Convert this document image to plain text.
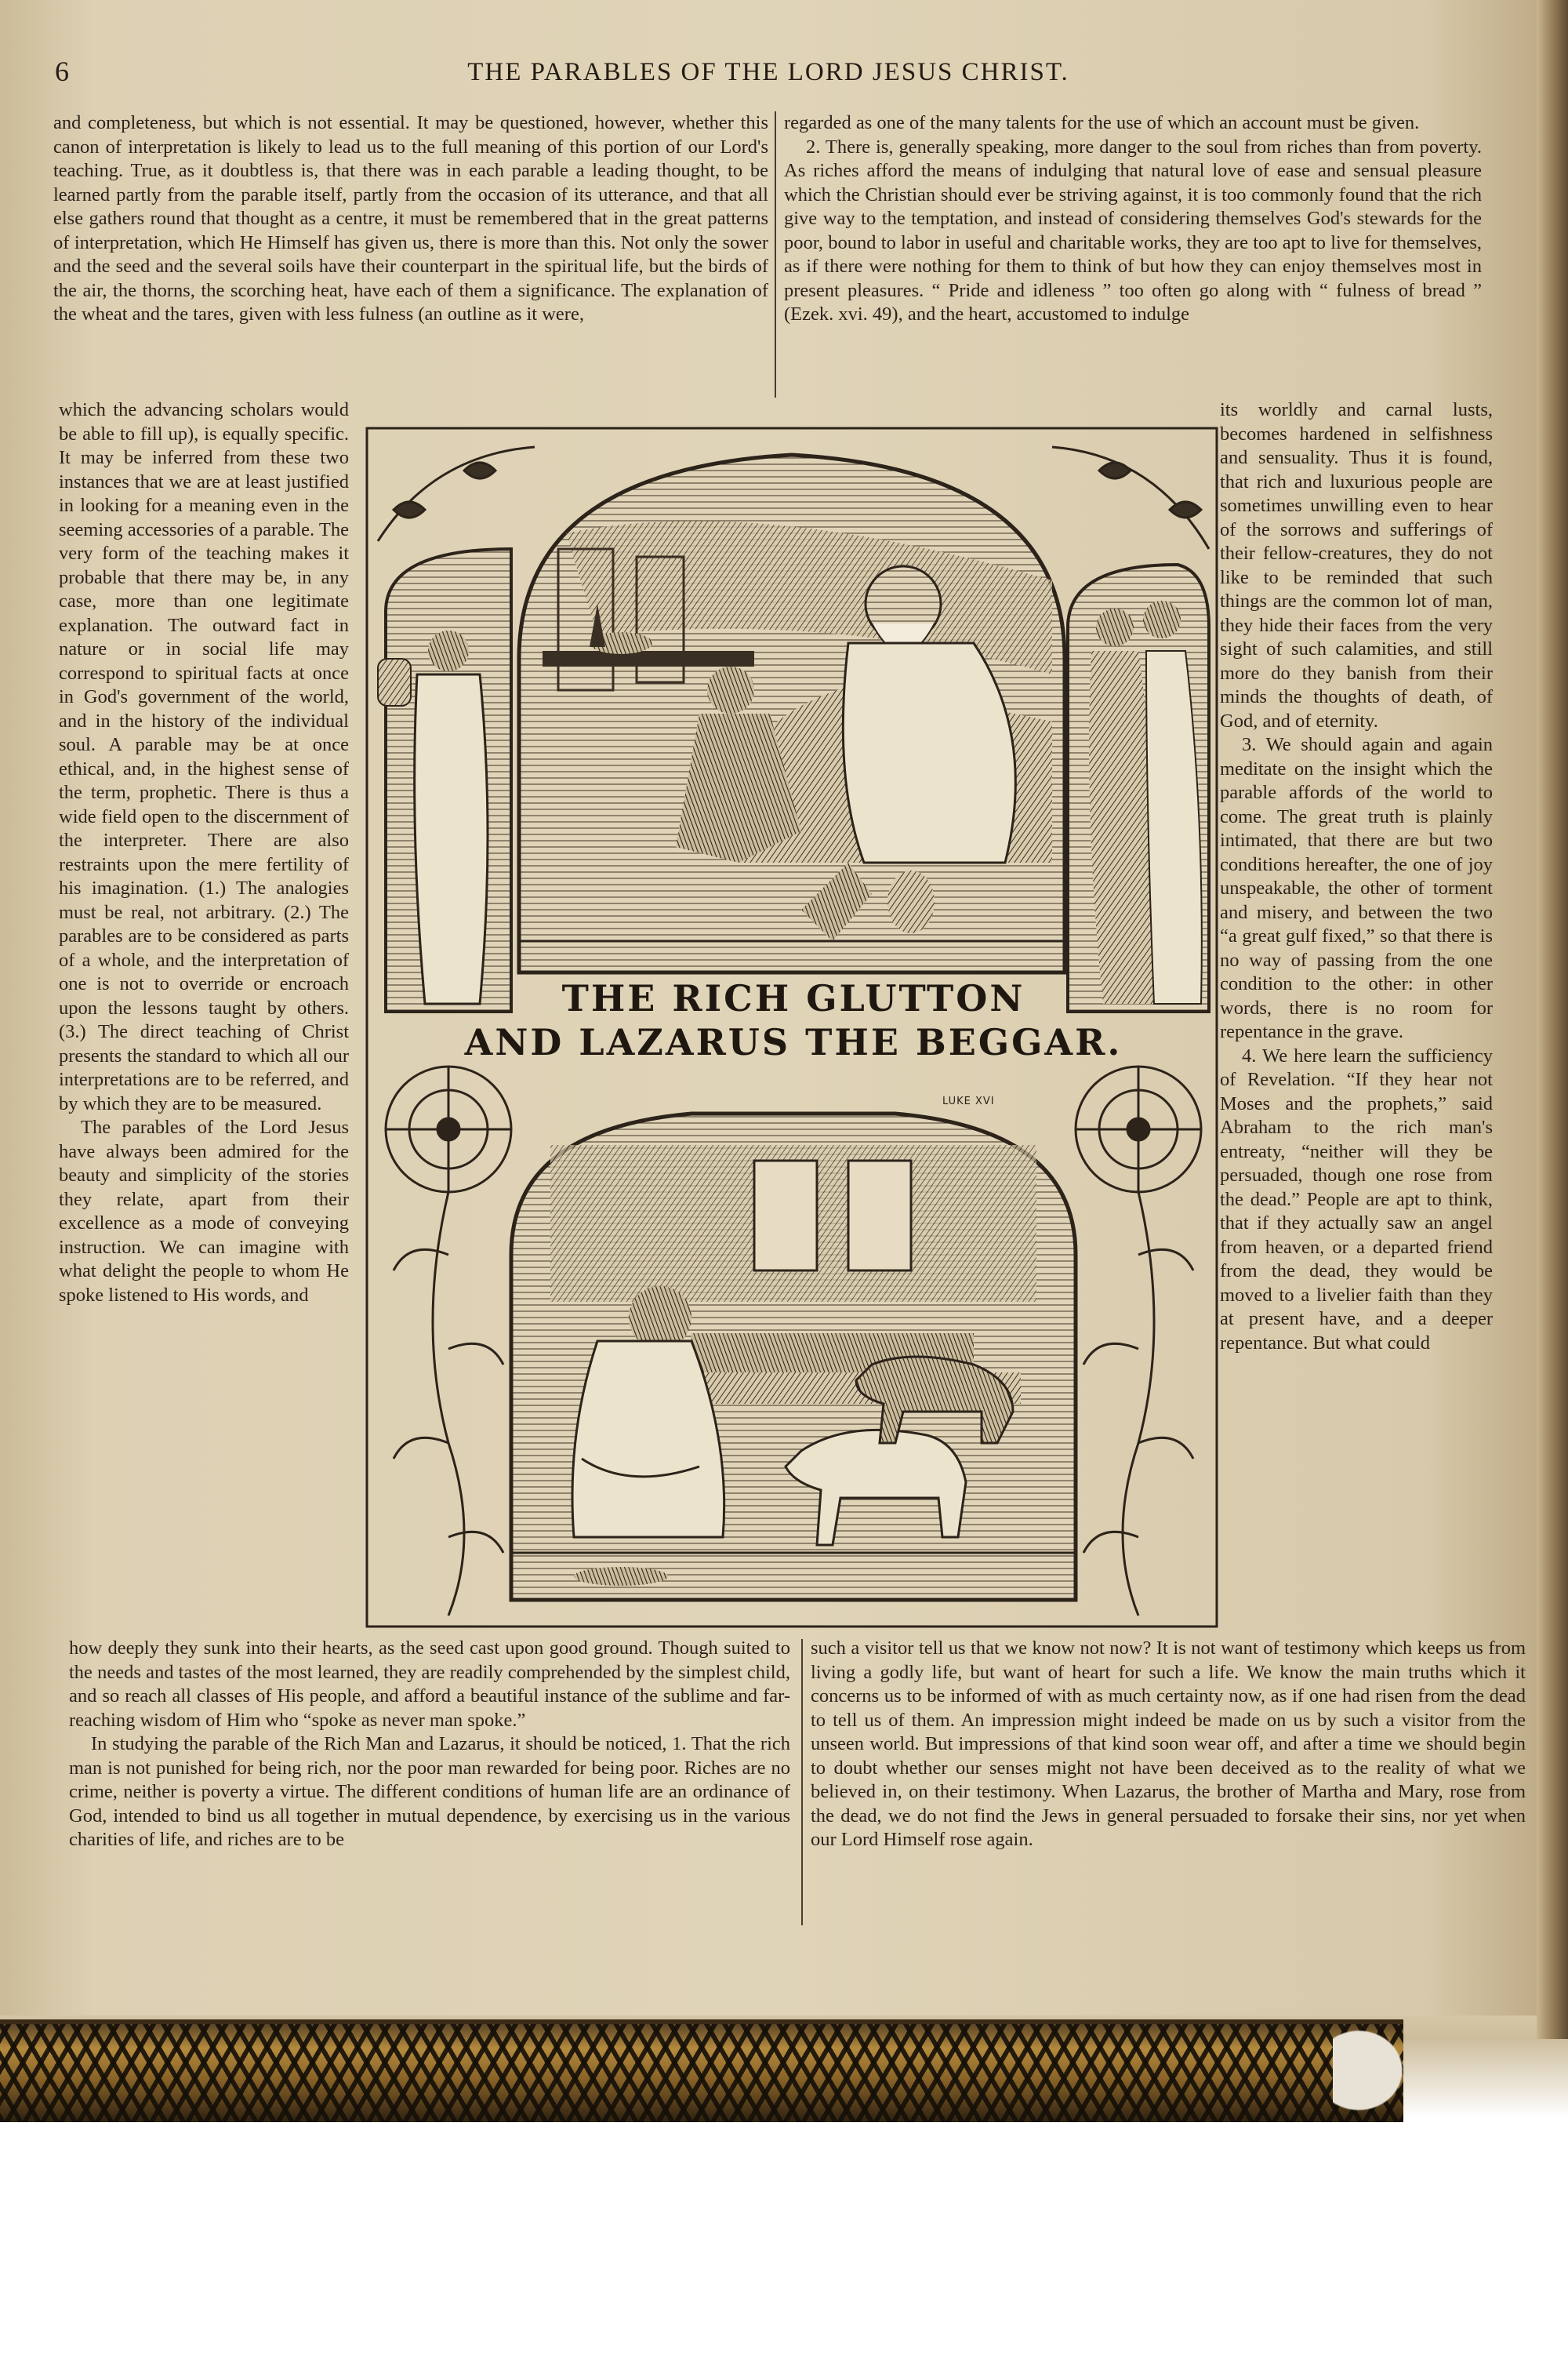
6	THE PARABLES OF THE LORD JESUS CHRIST.

and completeness, but which is not essential. It may be questioned, however, whether this canon of interpretation is likely to lead us to the full meaning of this portion of our Lord's teaching. True, as it doubtless is, that there was in each parable a leading thought, to be learned partly from the parable itself, partly from the occasion of its utterance, and that all else gathers round that thought as a centre, it must be remembered that in the great patterns of interpretation, which He Himself has given us, there is more than this. Not only the sower and the seed and the several soils have their counterpart in the spiritual life, but the birds of the air, the thorns, the scorching heat, have each of them a significance. The explanation of the wheat and the tares, given with less fulness (an outline as it were,

regarded as one of the many talents for the use of which an account must be given.

2. There is, generally speaking, more danger to the soul from riches than from poverty. As riches afford the means of indulging that natural love of ease and sensual pleasure which the Christian should ever be striving against, it is too commonly found that the rich give way to the temptation, and instead of considering themselves God's stewards for the poor, bound to labor in useful and charitable works, they are too apt to live for themselves, as if there were nothing for them to think of but how they can enjoy themselves most in present pleasures. “ Pride and idleness ” too often go along with “ fulness of bread ” (Ezek. xvi. 49), and the heart, accustomed to indulge

which the advancing scholars would be able to fill up), is equally specific. It may be inferred from these two instances that we are at least justified in looking for a meaning even in the seeming accessories of a parable. The very form of the teaching makes it probable that there may be, in any case, more than one legitimate explanation. The outward fact in nature or in social life may correspond to spiritual facts at once in God's government of the world, and in the history of the individual soul. A parable may be at once ethical, and, in the highest sense of the term, prophetic. There is thus a wide field open to the discernment of the interpreter. There are also restraints upon the mere fertility of his imagination. (1.) The analogies must be real, not arbitrary. (2.) The parables are to be considered as parts of a whole, and the interpretation of one is not to override or encroach upon the lessons taught by others. (3.) The direct teaching of Christ presents the standard to which all our interpretations are to be referred, and by which they are to be measured.

The parables of the Lord Jesus have always been admired for the beauty and simplicity of the stories they relate, apart from their excellence as a mode of conveying instruction. We can imagine with what delight the people to whom He spoke listened to His words, and

its worldly and carnal lusts, becomes hardened in selfishness and sensuality. Thus it is found, that rich and luxurious people are sometimes unwilling even to hear of the sorrows and sufferings of their fellow-creatures, they do not like to be reminded that such things are the common lot of man, they hide their faces from the very sight of such calamities, and still more do they banish from their minds the thoughts of death, of God, and of eternity.

3. We should again and again meditate on the insight which the parable affords of the world to come. The great truth is plainly intimated, that there are but two conditions hereafter, the one of joy unspeakable, the other of torment and misery, and between the two “a great gulf fixed,” so that there is no way of passing from the one condition to the other: in other words, there is no room for repentance in the grave.

4. We here learn the sufficiency of Revelation. “If they hear not Moses and the prophets,” said Abraham to the rich man's entreaty, “neither will they be persuaded, though one rose from the dead.” People are apt to think, that if they actually saw an angel from heaven, or a departed friend from the dead, they would be moved to a livelier faith than they at present have, and a deeper repentance. But what could

THE RICH GLUTTON
AND LAZARUS THE BEGGAR.
LUKE XVI

how deeply they sunk into their hearts, as the seed cast upon good ground. Though suited to the needs and tastes of the most learned, they are readily comprehended by the simplest child, and so reach all classes of His people, and afford a beautiful instance of the sublime and far-reaching wisdom of Him who “spoke as never man spoke.”

In studying the parable of the Rich Man and Lazarus, it should be noticed, 1. That the rich man is not punished for being rich, nor the poor man rewarded for being poor. Riches are no crime, neither is poverty a virtue. The different conditions of human life are an ordinance of God, intended to bind us all together in mutual dependence, by exercising us in the various charities of life, and riches are to be

such a visitor tell us that we know not now? It is not want of testimony which keeps us from living a godly life, but want of heart for such a life. We know the main truths which it concerns us to be informed of with as much certainty now, as if one had risen from the dead to tell us of them. An impression might indeed be made on us by such a visitor from the unseen world. But impressions of that kind soon wear off, and after a time we should begin to doubt whether our senses might not have been deceived as to the reality of what we believed in, on their testimony. When Lazarus, the brother of Martha and Mary, rose from the dead, we do not find the Jews in general persuaded to forsake their sins, nor yet when our Lord Himself rose again.
